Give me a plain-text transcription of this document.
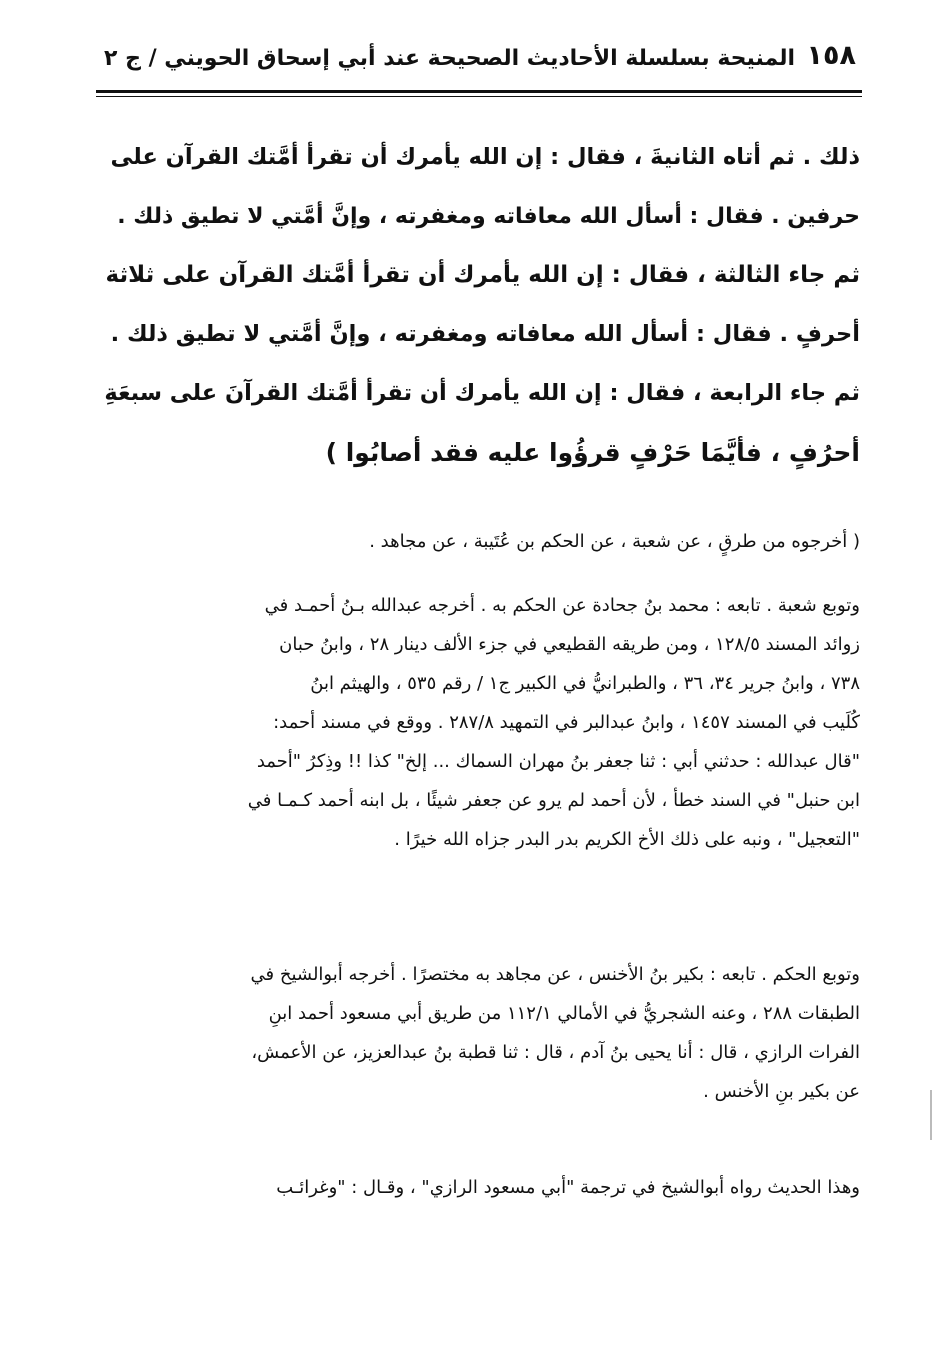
١٥٨
المنيحة بسلسلة الأحاديث الصحيحة عند أبي إسحاق الحويني / ج ٢
ذلك . ثم أتاه الثانيةَ ، فقال : إن الله يأمرك أن تقرأ أمَّتك القرآن على
حرفين . فقال : أسأل الله معافاته ومغفرته ، وإنَّ أمَّتي لا تطيق ذلك .
ثم جاء الثالثة ، فقال : إن الله يأمرك أن تقرأ أمَّتك القرآن على ثلاثة
أحرفٍ . فقال : أسأل الله معافاته ومغفرته ، وإنَّ أمَّتي لا تطيق ذلك .
ثم جاء الرابعة ، فقال : إن الله يأمرك أن تقرأ أمَّتك القرآنَ على سبعَةِ
أحرُفٍ ، فأيَّمَا حَرْفٍ قرؤُوا عليه فقد أصابُوا )
( أخرجوه من طرقٍ ، عن شعبة ، عن الحكم بن عُتَيبة ، عن مجاهد .
وتوبع شعبة . تابعه : محمد بنُ جحادة عن الحكم به . أخرجه عبدالله بـنُ أحمـد في
زوائد المسند ١٢٨/٥ ، ومن طريقه القطيعي في جزء الألف دينار ٢٨ ، وابنُ حبان
٧٣٨ ، وابنُ جرير ٣٤، ٣٦ ، والطبرانيُّ في الكبير ج١ / رقم ٥٣٥ ، والهيثم ابنُ
كُلَيب في المسند ١٤٥٧ ، وابنُ عبدالبر في التمهيد ٢٨٧/٨ . ووقع في مسند أحمد:
"قال عبدالله : حدثني أبي : ثنا جعفر بنُ مهران السماك ... إلخ" كذا !! وذِكرُ "أحمد
ابن حنبل" في السند خطأ ، لأن أحمد لم يرو عن جعفر شيئًا ، بل ابنه أحمد كـمـا في
"التعجيل" ، ونبه على ذلك الأخ الكريم بدر البدر جزاه الله خيرًا .
وتوبع الحكم . تابعه : بكير بنُ الأخنس ، عن مجاهد به مختصرًا . أخرجه أبوالشيخ في
الطبقات ٢٨٨ ، وعنه الشجريُّ في الأمالي ١١٢/١ من طريق أبي مسعود أحمد ابنِ
الفرات الرازي ، قال : أنا يحيى بنُ آدم ، قال : ثنا قطبة بنُ عبدالعزيز، عن الأعمش،
عن بكير بنِ الأخنس .
وهذا الحديث رواه أبوالشيخ في ترجمة "أبي مسعود الرازي" ، وقـال : "وغرائـب
